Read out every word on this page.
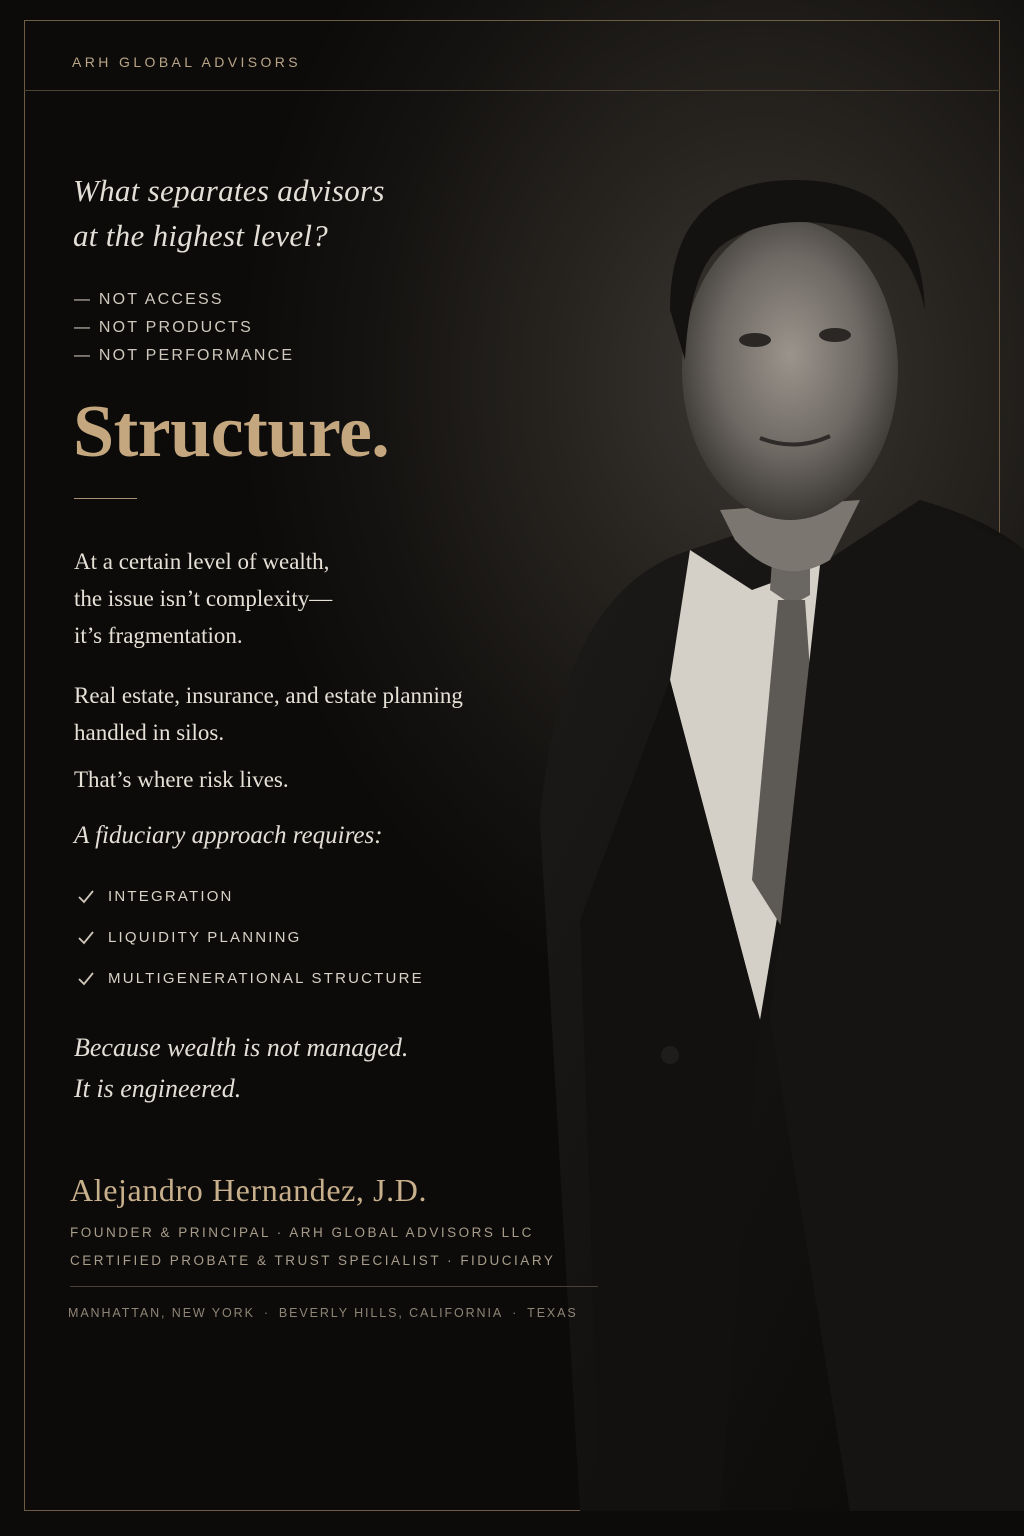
ARH GLOBAL ADVISORS
What separates advisors
at the highest level?
— NOT ACCESS
— NOT PRODUCTS
— NOT PERFORMANCE
Structure.
At a certain level of wealth,
the issue isn’t complexity—
it’s fragmentation.
Real estate, insurance, and estate planning
handled in silos.
That’s where risk lives.
A fiduciary approach requires:
INTEGRATION
LIQUIDITY PLANNING
MULTIGENERATIONAL STRUCTURE
Because wealth is not managed.
It is engineered.
Alejandro Hernandez, J.D.
FOUNDER & PRINCIPAL · ARH GLOBAL ADVISORS LLC
CERTIFIED PROBATE & TRUST SPECIALIST · FIDUCIARY
MANHATTAN, NEW YORK · BEVERLY HILLS, CALIFORNIA · TEXAS
